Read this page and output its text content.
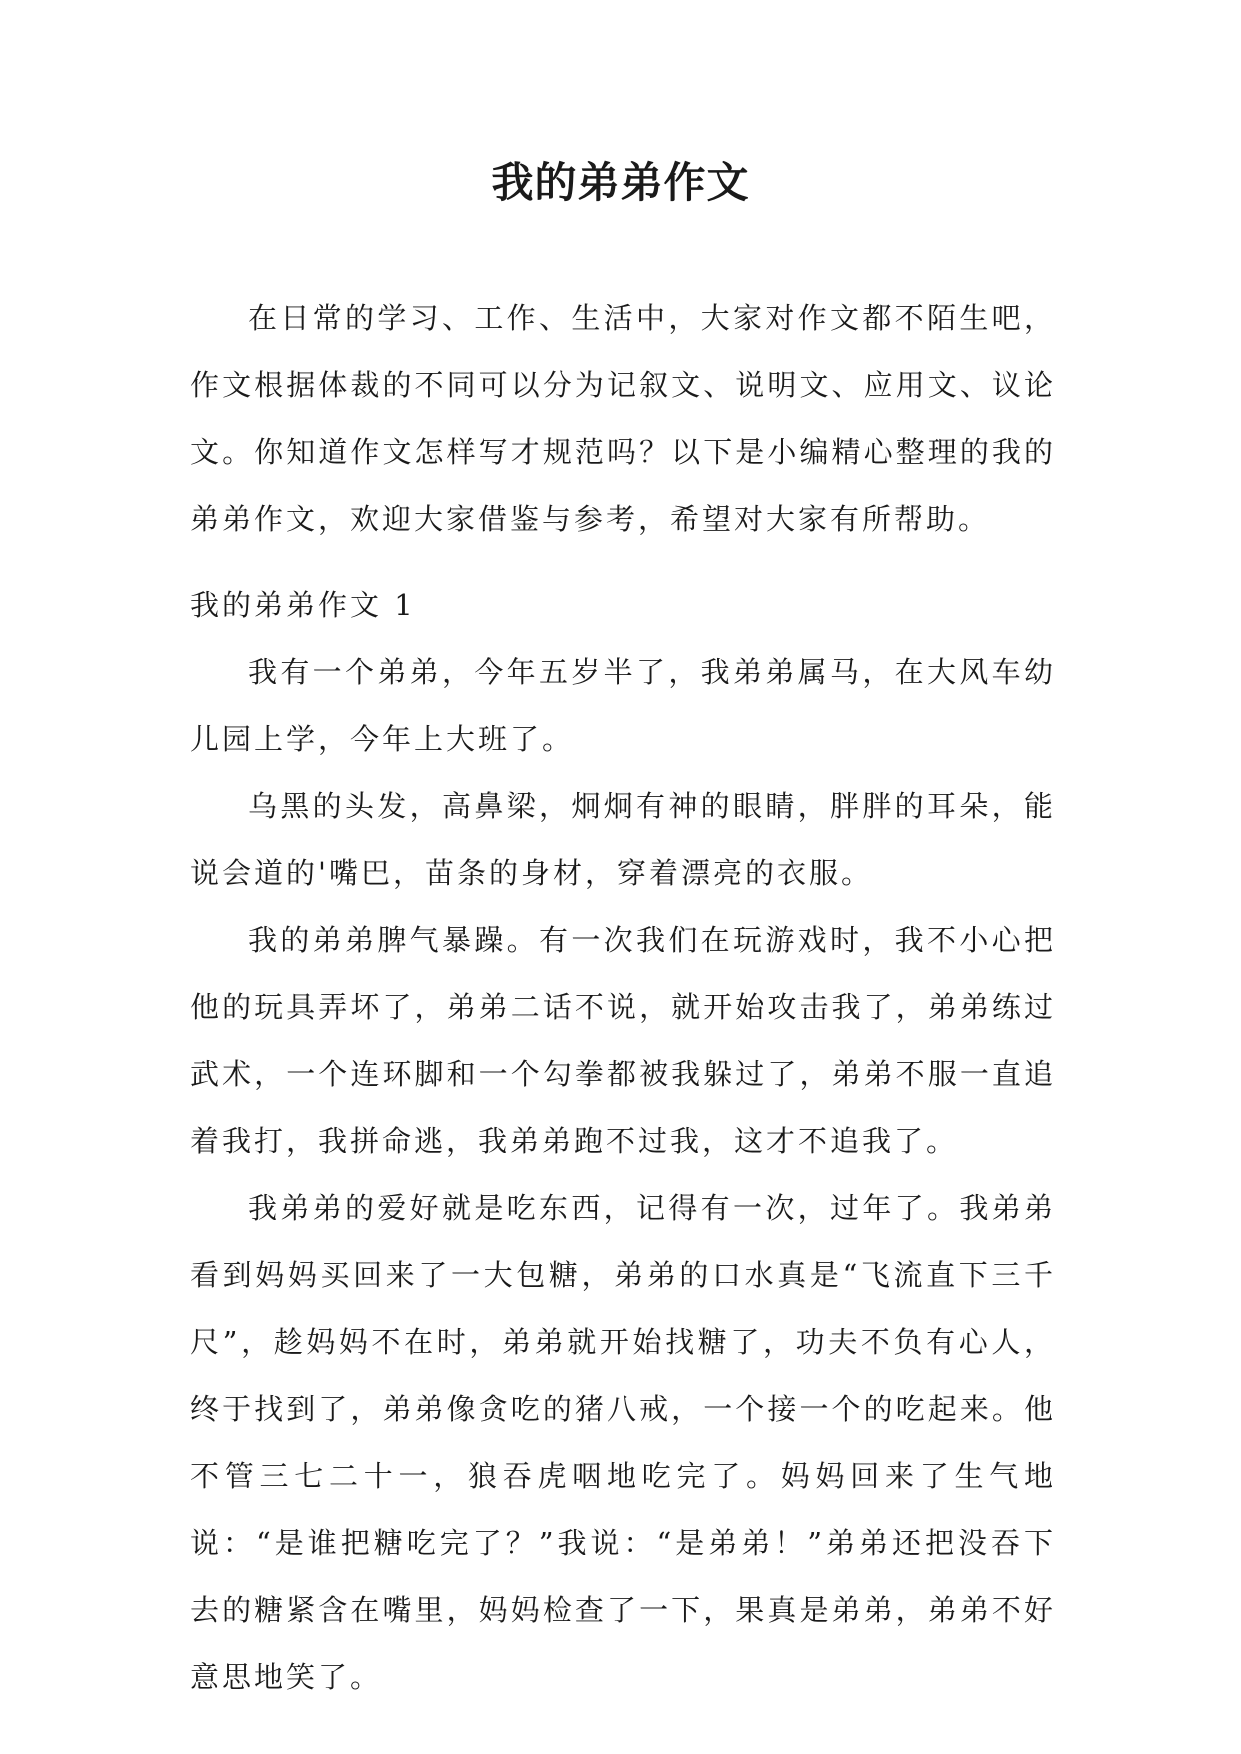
我的弟弟作文

在日常的学习、工作、生活中，大家对作文都不陌生吧，作文根据体裁的不同可以分为记叙文、说明文、应用文、议论文。你知道作文怎样写才规范吗？以下是小编精心整理的我的弟弟作文，欢迎大家借鉴与参考，希望对大家有所帮助。

我的弟弟作文 1

我有一个弟弟，今年五岁半了，我弟弟属马，在大风车幼儿园上学，今年上大班了。

乌黑的头发，高鼻梁，炯炯有神的眼睛，胖胖的耳朵，能说会道的'嘴巴，苗条的身材，穿着漂亮的衣服。

我的弟弟脾气暴躁。有一次我们在玩游戏时，我不小心把他的玩具弄坏了，弟弟二话不说，就开始攻击我了，弟弟练过武术，一个连环脚和一个勾拳都被我躲过了，弟弟不服一直追着我打，我拼命逃，我弟弟跑不过我，这才不追我了。

我弟弟的爱好就是吃东西，记得有一次，过年了。我弟弟看到妈妈买回来了一大包糖，弟弟的口水真是“飞流直下三千尺”，趁妈妈不在时，弟弟就开始找糖了，功夫不负有心人，终于找到了，弟弟像贪吃的猪八戒，一个接一个的吃起来。他不管三七二十一，狼吞虎咽地吃完了。妈妈回来了生气地说：“是谁把糖吃完了？”我说：“是弟弟！”弟弟还把没吞下去的糖紧含在嘴里，妈妈检查了一下，果真是弟弟，弟弟不好意思地笑了。
